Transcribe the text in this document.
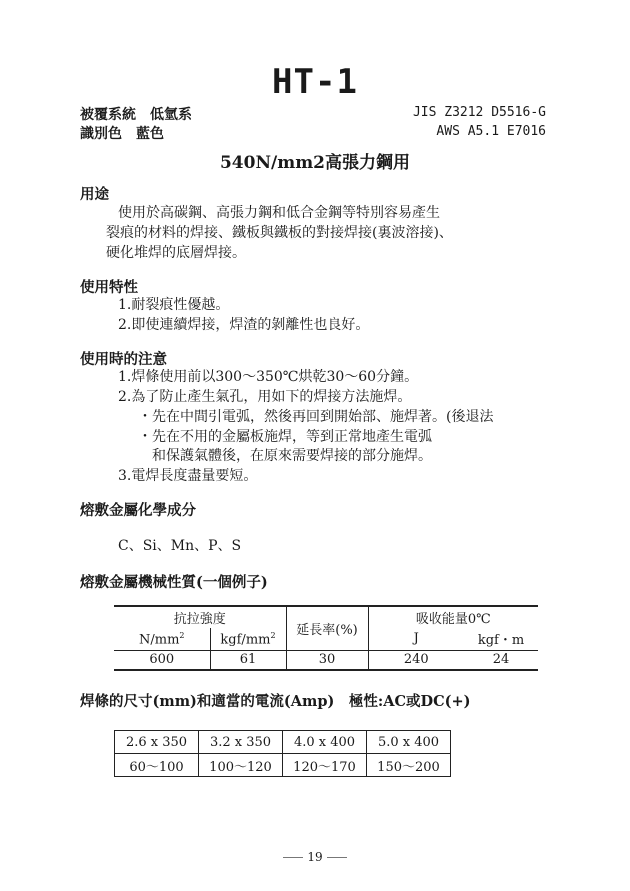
HT-1
被覆系統　低氫系
識別色　藍色
JIS Z3212 D5516-G
AWS A5.1 E7016
540N/mm2高張力鋼用
用途
使用於高碳鋼、高張力鋼和低合金鋼等特別容易產生
裂痕的材料的焊接、鐵板與鐵板的對接焊接(裏波溶接)、
硬化堆焊的底層焊接。
使用特性
1.耐裂痕性優越。
2.即使連續焊接，焊渣的剝離性也良好。
使用時的注意
1.焊條使用前以300～350℃烘乾30～60分鐘。
2.為了防止產生氣孔，用如下的焊接方法施焊。
・先在中間引電弧，然後再回到開始部、施焊著。(後退法
・先在不用的金屬板施焊，等到正常地產生電弧
和保護氣體後，在原來需要焊接的部分施焊。
3.電焊長度盡量要短。
熔敷金屬化學成分
C、Si、Mn、P、S
熔敷金屬機械性質(一個例子)
抗拉強度		延長率(%)	吸收能量0℃	
$N/mm^2$	kgf/$mm^2$		J	kgf・m
600	61	30	240	24
焊條的尺寸(mm)和適當的電流(Amp)　極性:AC或DC(+)
2.6 x 350	3.2 x 350	4.0 x 400	5.0 x 400
60～100	100～120	120～170	150～200
19
